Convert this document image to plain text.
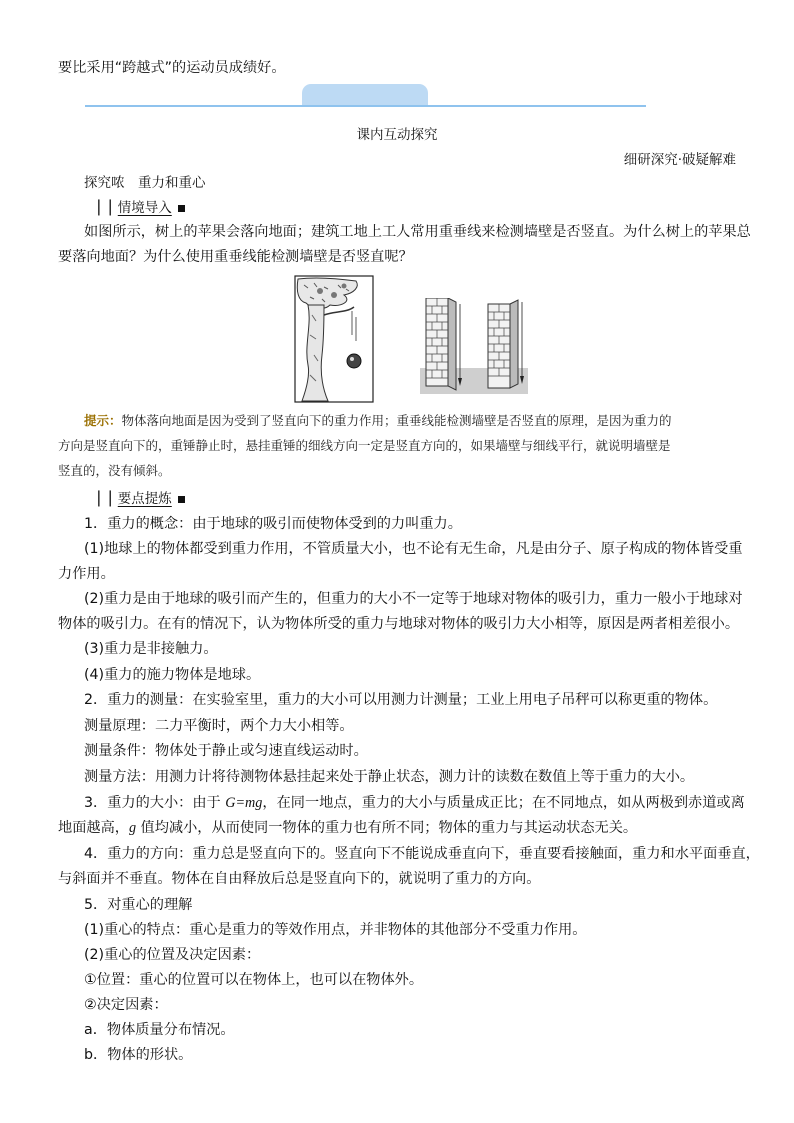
要比采用“跨越式”的运动员成绩好。
课内互动探究
细研深究·破疑解难
探究哝　重力和重心
▕▕ 情境导入
如图所示，树上的苹果会落向地面；建筑工地上工人常用重垂线来检测墙壁是否竖直。为什么树上的苹果总
要落向地面？为什么使用重垂线能检测墙壁是否竖直呢？
提示：物体落向地面是因为受到了竖直向下的重力作用；重垂线能检测墙壁是否竖直的原理，是因为重力的
方向是竖直向下的，重锤静止时，悬挂重锤的细线方向一定是竖直方向的，如果墙壁与细线平行，就说明墙壁是
竖直的，没有倾斜。
▕▕ 要点提炼
1．重力的概念：由于地球的吸引而使物体受到的力叫重力。
(1)地球上的物体都受到重力作用，不管质量大小，也不论有无生命，凡是由分子、原子构成的物体皆受重
力作用。
(2)重力是由于地球的吸引而产生的，但重力的大小不一定等于地球对物体的吸引力，重力一般小于地球对
物体的吸引力。在有的情况下，认为物体所受的重力与地球对物体的吸引力大小相等，原因是两者相差很小。
(3)重力是非接触力。
(4)重力的施力物体是地球。
2．重力的测量：在实验室里，重力的大小可以用测力计测量；工业上用电子吊秤可以称更重的物体。
测量原理：二力平衡时，两个力大小相等。
测量条件：物体处于静止或匀速直线运动时。
测量方法：用测力计将待测物体悬挂起来处于静止状态，测力计的读数在数值上等于重力的大小。
3．重力的大小：由于 G=mg，在同一地点，重力的大小与质量成正比；在不同地点，如从两极到赤道或离
地面越高，g 值均减小，从而使同一物体的重力也有所不同；物体的重力与其运动状态无关。
4．重力的方向：重力总是竖直向下的。竖直向下不能说成垂直向下，垂直要看接触面，重力和水平面垂直，
与斜面并不垂直。物体在自由释放后总是竖直向下的，就说明了重力的方向。
5．对重心的理解
(1)重心的特点：重心是重力的等效作用点，并非物体的其他部分不受重力作用。
(2)重心的位置及决定因素：
①位置：重心的位置可以在物体上，也可以在物体外。
②决定因素：
a．物体质量分布情况。
b．物体的形状。
